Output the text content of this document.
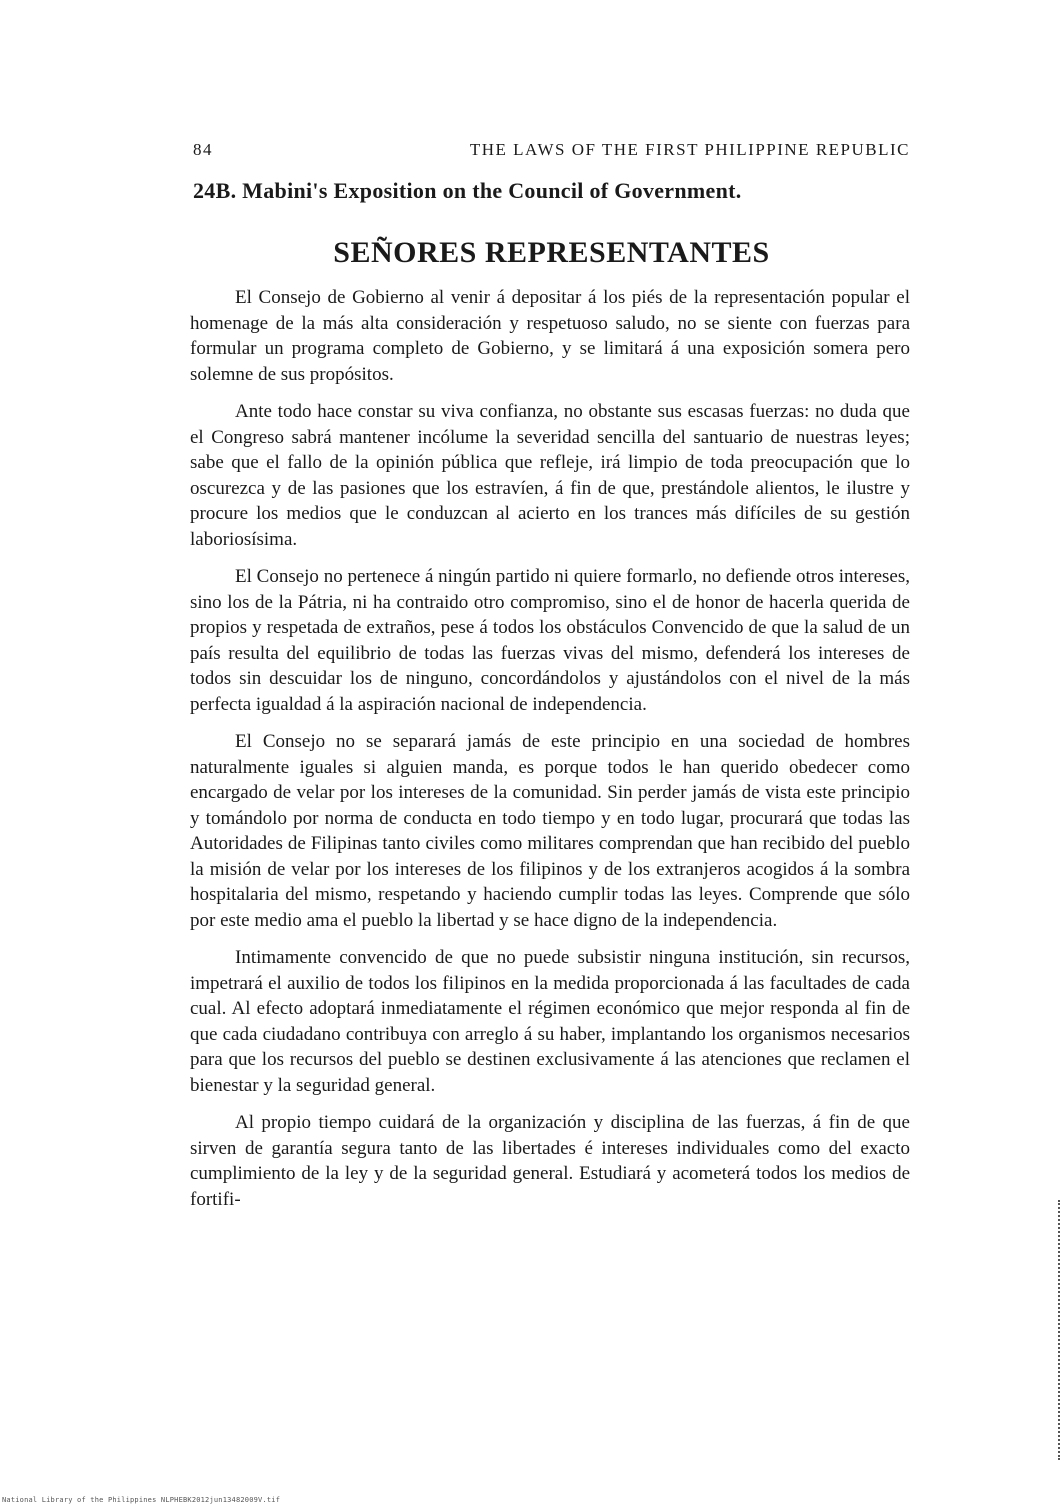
84	THE LAWS OF THE FIRST PHILIPPINE REPUBLIC
24B. Mabini's Exposition on the Council of Government.
SEÑORES REPRESENTANTES

El Consejo de Gobierno al venir á depositar á los piés de la representación popular el homenage de la más alta consideración y respetuoso saludo, no se siente con fuerzas para formular un programa completo de Gobierno, y se limitará á una exposición somera pero solemne de sus propósitos.

Ante todo hace constar su viva confianza, no obstante sus escasas fuerzas: no duda que el Congreso sabrá mantener incólume la severidad sencilla del santuario de nuestras leyes; sabe que el fallo de la opinión pública que refleje, irá limpio de toda preocupación que lo oscurezca y de las pasiones que los estravíen, á fin de que, prestándole alientos, le ilustre y procure los medios que le conduzcan al acierto en los trances más difíciles de su gestión laboriosísima.

El Consejo no pertenece á ningún partido ni quiere formarlo, no defiende otros intereses, sino los de la Pátria, ni ha contraido otro compromiso, sino el de honor de hacerla querida de propios y respetada de extraños, pese á todos los obstáculos Convencido de que la salud de un país resulta del equilibrio de todas las fuerzas vivas del mismo, defenderá los intereses de todos sin descuidar los de ninguno, concordándolos y ajustándolos con el nivel de la más perfecta igualdad á la aspiración nacional de independencia.

El Consejo no se separará jamás de este principio en una sociedad de hombres naturalmente iguales si alguien manda, es porque todos le han querido obedecer como encargado de velar por los intereses de la comunidad. Sin perder jamás de vista este principio y tomándolo por norma de conducta en todo tiempo y en todo lugar, procurará que todas las Autoridades de Filipinas tanto civiles como militares comprendan que han recibido del pueblo la misión de velar por los intereses de los filipinos y de los extranjeros acogidos á la sombra hospitalaria del mismo, respetando y haciendo cumplir todas las leyes. Comprende que sólo por este medio ama el pueblo la libertad y se hace digno de la independencia.

Intimamente convencido de que no puede subsistir ninguna institución, sin recursos, impetrará el auxilio de todos los filipinos en la medida proporcionada á las facultades de cada cual. Al efecto adoptará inmediatamente el régimen económico que mejor responda al fin de que cada ciudadano contribuya con arreglo á su haber, implantando los organismos necesarios para que los recursos del pueblo se destinen exclusivamente á las atenciones que reclamen el bienestar y la seguridad general.

Al propio tiempo cuidará de la organización y disciplina de las fuerzas, á fin de que sirven de garantía segura tanto de las libertades é intereses individuales como del exacto cumplimiento de la ley y de la seguridad general. Estudiará y acometerá todos los medios de fortifi-

National Library of the Philippines NLPHEBK2012jun13482009V.tif
